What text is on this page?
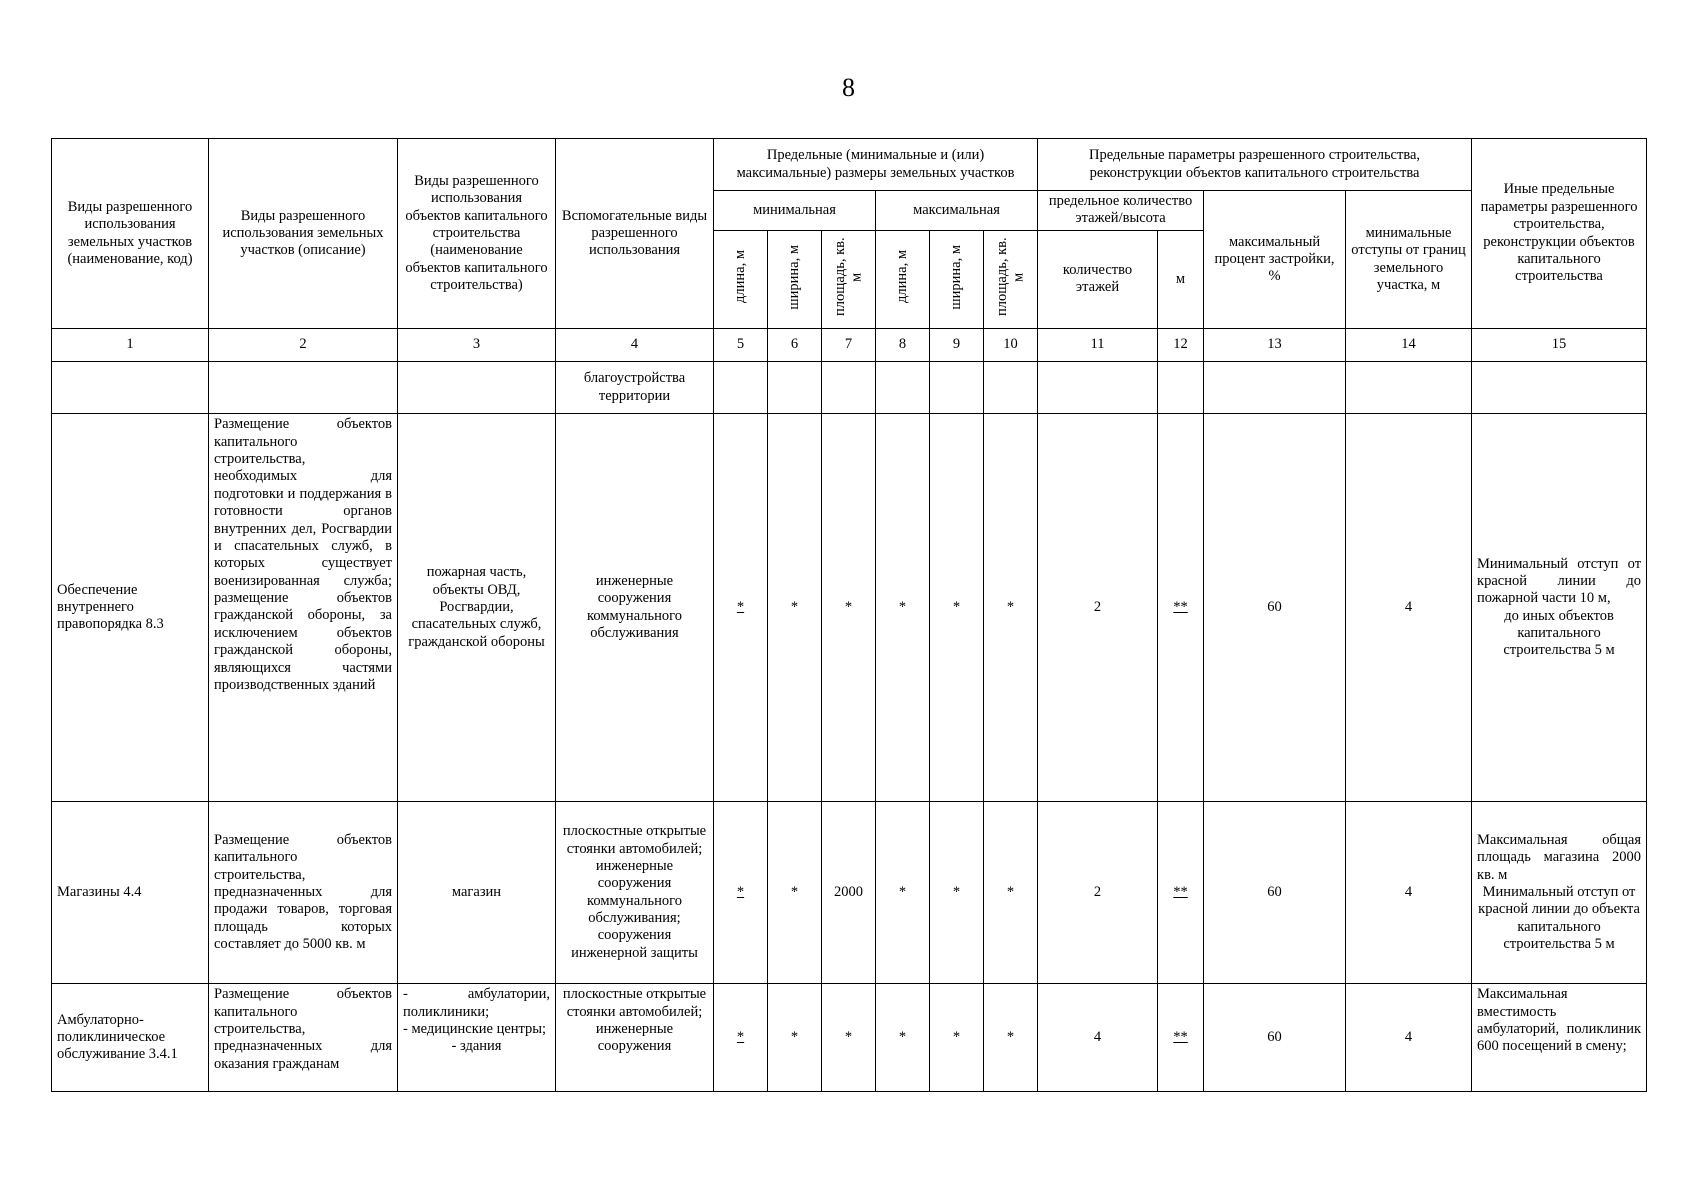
8
Виды разрешенного использования земельных участков (наименование, код)	Виды разрешенного использования земельных участков (описание)	Виды разрешенного использования объектов капитального строительства (наименование объектов капитального строительства)	Вспомогательные виды разрешенного использования	Предельные (минимальные и (или) максимальные) размеры земельных участков						Предельные параметры разрешенного строительства, реконструкции объектов капитального строительства				Иные предельные параметры разрешенного строительства, реконструкции объектов капитального строительства
				минимальная			максимальная			предельное количество этажей/высота		максимальный процент застройки, %	минимальные отступы от границ земельного участка, м	
				длина, м	ширина, м	площадь, кв. м	длина, м	ширина, м	площадь, кв. м	количество этажей	м			
1	2	3	4	5	6	7	8	9	10	11	12	13	14	15
			благоустройства территории											
Обеспечение внутреннего правопорядка 8.3	Размещение объектов капитального строительства, необходимых для подготовки и поддержания в готовности органов внутренних дел, Росгвардии и спасательных служб, в которых существует военизированная служба; размещение объектов гражданской обороны, за исключением объектов гражданской обороны, являющихся частями производственных зданий	пожарная часть, объекты ОВД, Росгвардии, спасательных служб, гражданской обороны	инженерные сооружения коммунального обслуживания	*	*	*	*	*	*	2	**	60	4	Минимальный отступ от красной линии до пожарной части 10 м,
до иных объектов капитального строительства 5 м

Магазины 4.4	Размещение объектов капитального строительства, предназначенных для продажи товаров, торговая площадь которых составляет до 5000 кв. м	магазин	плоскостные открытые стоянки автомобилей; инженерные сооружения коммунального обслуживания; сооружения инженерной защиты	*	*	2000	*	*	*	2	**	60	4	Максимальная общая площадь магазина 2000 кв. м
Минимальный отступ от красной линии до объекта капитального строительства 5 м

Амбулаторно-поликлиническое обслуживание 3.4.1	Размещение объектов капитального строительства, предназначенных для оказания гражданам	- амбулатории, поликлиники;
- медицинские центры;
- здания	плоскостные открытые стоянки автомобилей; инженерные сооружения	*	*	*	*	*	*	4	**	60	4	Максимальная вместимость амбулаторий, поликлиник 600 посещений в смену;
